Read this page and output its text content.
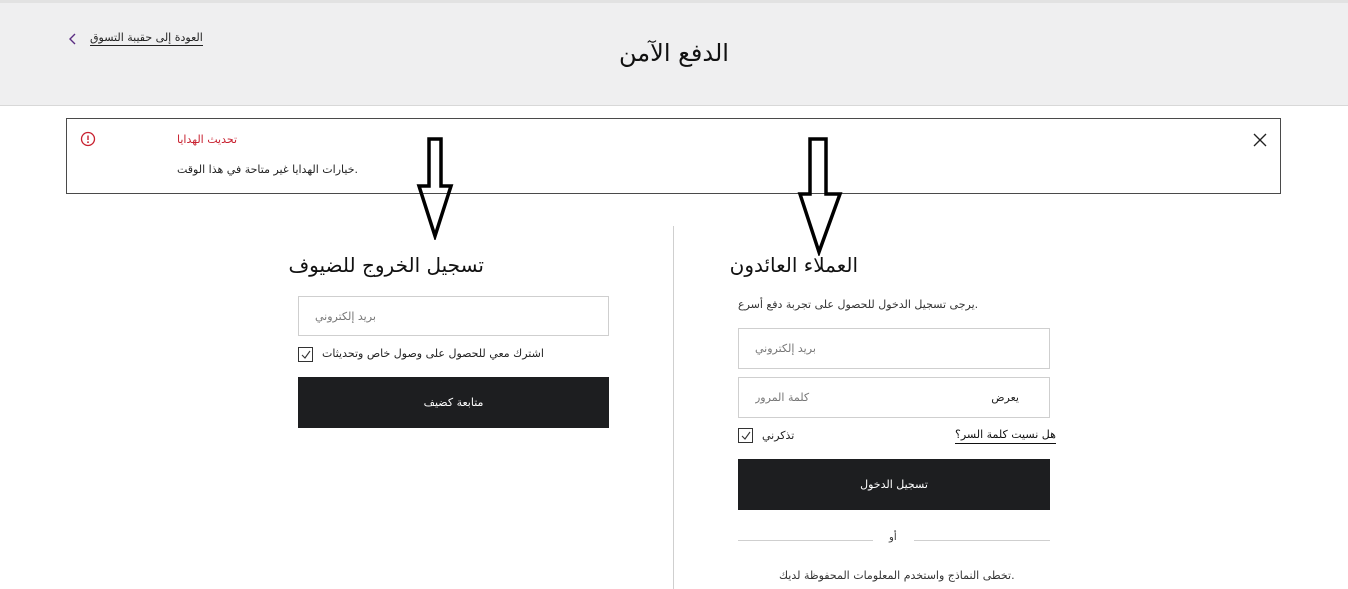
العودة إلى حقيبة التسوق
الدفع الآمن
تحديث الهدايا
.خيارات الهدايا غير متاحة في هذا الوقت
تسجيل الخروج للضيوف
بريد إلكتروني
اشترك معي للحصول على وصول خاص وتحديثات
متابعة كضيف
العملاء العائدون
.يرجى تسجيل الدخول للحصول على تجربة دفع أسرع
بريد إلكتروني
يعرض
تذكرني	هل نسيت كلمة السر؟
تسجيل الدخول
أو
.تخطى النماذج واستخدم المعلومات المحفوظة لديك
